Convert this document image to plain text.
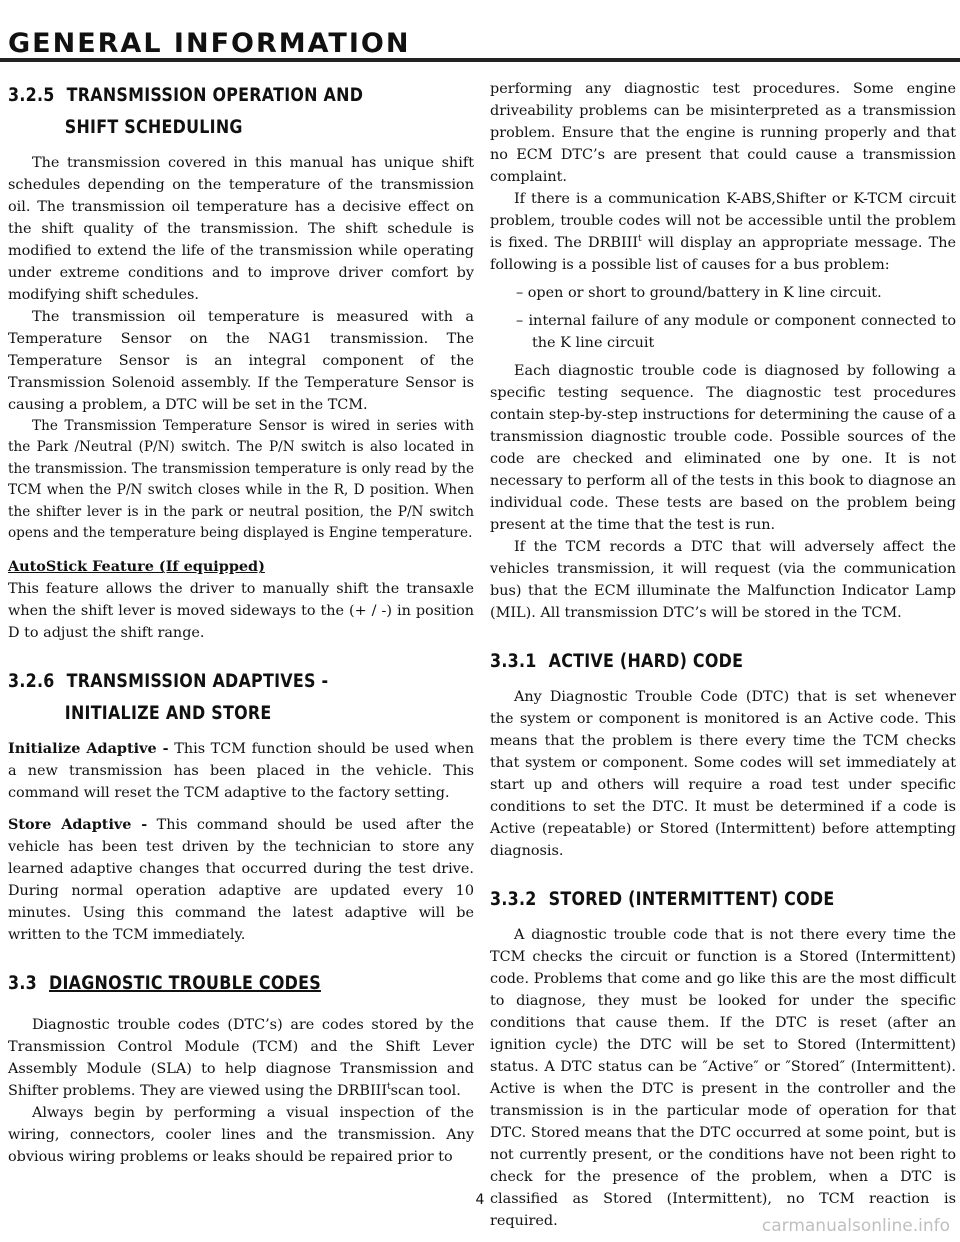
GENERAL INFORMATION
3.2.5 TRANSMISSION OPERATION AND
SHIFT SCHEDULING

The transmission covered in this manual has unique shift schedules depending on the temperature of the transmission oil. The transmission oil temperature has a decisive effect on the shift quality of the transmission. The shift schedule is modified to extend the life of the transmission while operating under extreme conditions and to improve driver comfort by modifying shift schedules.

The transmission oil temperature is measured with a Temperature Sensor on the NAG1 transmission. The Temperature Sensor is an integral component of the Transmission Solenoid assembly. If the Temperature Sensor is causing a problem, a DTC will be set in the TCM.

The Transmission Temperature Sensor is wired in series with the Park /Neutral (P/N) switch. The P/N switch is also located in the transmission. The transmission temperature is only read by the TCM when the P/N switch closes while in the R, D position. When the shifter lever is in the park or neutral position, the P/N switch opens and the temperature being displayed is Engine temperature.

AutoStick Feature (If equipped)

This feature allows the driver to manually shift the transaxle when the shift lever is moved sideways to the (+ / -) in position D to adjust the shift range.

3.2.6 TRANSMISSION ADAPTIVES -
INITIALIZE AND STORE

Initialize Adaptive - This TCM function should be used when a new transmission has been placed in the vehicle. This command will reset the TCM adaptive to the factory setting.

Store Adaptive - This command should be used after the vehicle has been test driven by the technician to store any learned adaptive changes that occurred during the test drive. During normal operation adaptive are updated every 10 minutes. Using this command the latest adaptive will be written to the TCM immediately.

3.3 DIAGNOSTIC TROUBLE CODES

Diagnostic trouble codes (DTC’s) are codes stored by the Transmission Control Module (TCM) and the Shift Lever Assembly Module (SLA) to help diagnose Transmission and Shifter problems. They are viewed using the DRBIII$^t$scan tool.

Always begin by performing a visual inspection of the wiring, connectors, cooler lines and the transmission. Any obvious wiring problems or leaks should be repaired prior to

performing any diagnostic test procedures. Some engine driveability problems can be misinterpreted as a transmission problem. Ensure that the engine is running properly and that no ECM DTC’s are present that could cause a transmission complaint.

If there is a communication K-ABS,Shifter or K-TCM circuit problem, trouble codes will not be accessible until the problem is fixed. The DRBIII$^t$ will display an appropriate message. The following is a possible list of causes for a bus problem:

– open or short to ground/battery in K line circuit.
– internal failure of any module or component connected to the K line circuit

Each diagnostic trouble code is diagnosed by following a specific testing sequence. The diagnostic test procedures contain step-by-step instructions for determining the cause of a transmission diagnostic trouble code. Possible sources of the code are checked and eliminated one by one. It is not necessary to perform all of the tests in this book to diagnose an individual code. These tests are based on the problem being present at the time that the test is run.

If the TCM records a DTC that will adversely affect the vehicles transmission, it will request (via the communication bus) that the ECM illuminate the Malfunction Indicator Lamp (MIL). All transmission DTC’s will be stored in the TCM.

3.3.1 ACTIVE (HARD) CODE

Any Diagnostic Trouble Code (DTC) that is set whenever the system or component is monitored is an Active code. This means that the problem is there every time the TCM checks that system or component. Some codes will set immediately at start up and others will require a road test under specific conditions to set the DTC. It must be determined if a code is Active (repeatable) or Stored (Intermittent) before attempting diagnosis.

3.3.2 STORED (INTERMITTENT) CODE

A diagnostic trouble code that is not there every time the TCM checks the circuit or function is a Stored (Intermittent) code. Problems that come and go like this are the most difficult to diagnose, they must be looked for under the specific conditions that cause them. If the DTC is reset (after an ignition cycle) the DTC will be set to Stored (Intermittent) status. A DTC status can be ″Active″ or ″Stored″ (Intermittent). Active is when the DTC is present in the controller and the transmission is in the particular mode of operation for that DTC. Stored means that the DTC occurred at some point, but is not currently present, or the conditions have not been right to check for the presence of the problem, when a DTC is classified as Stored (Intermittent), no TCM reaction is required.

4
carmanualsonline.info
